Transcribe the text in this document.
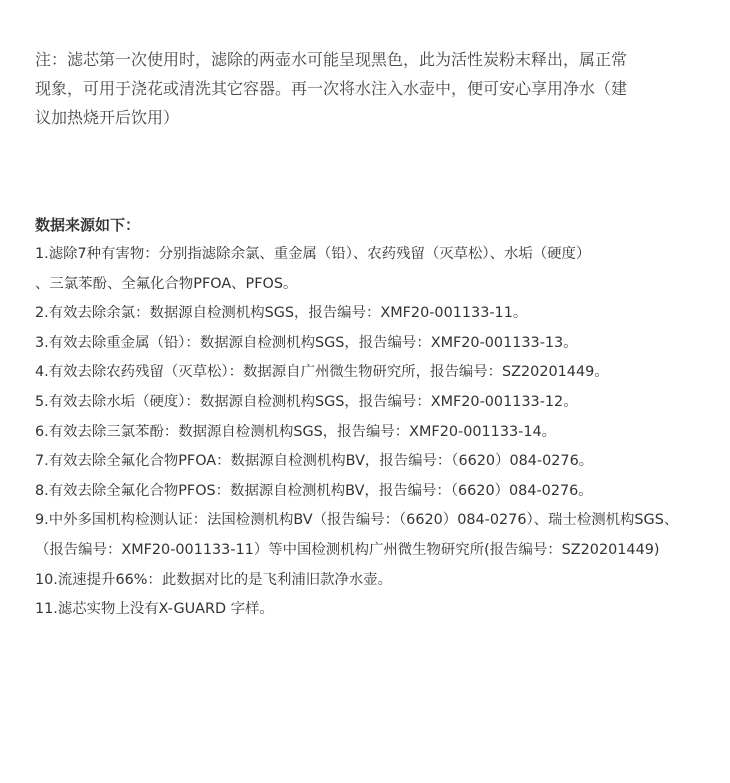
注：滤芯第一次使用时，滤除的两壶水可能呈现黑色，此为活性炭粉末释出，属正常
现象，可用于浇花或清洗其它容器。再一次将水注入水壶中，便可安心享用净水（建
议加热烧开后饮用）
数据来源如下：
1.滤除7种有害物：分别指滤除余氯、重金属（铅）、农药残留（灭草松）、水垢（硬度）
、三氯苯酚、全氟化合物PFOA、PFOS。
2.有效去除余氯：数据源自检测机构SGS，报告编号：XMF20-001133-11。
3.有效去除重金属（铅）：数据源自检测机构SGS，报告编号：XMF20-001133-13。
4.有效去除农药残留（灭草松）：数据源自广州微生物研究所，报告编号：SZ20201449。
5.有效去除水垢（硬度）：数据源自检测机构SGS，报告编号：XMF20-001133-12。
6.有效去除三氯苯酚：数据源自检测机构SGS，报告编号：XMF20-001133-14。
7.有效去除全氟化合物PFOA：数据源自检测机构BV，报告编号：（6620）084-0276。
8.有效去除全氟化合物PFOS：数据源自检测机构BV，报告编号：（6620）084-0276。
9.中外多国机构检测认证：法国检测机构BV（报告编号：（6620）084-0276）、瑞士检测机构SGS、
（报告编号：XMF20-001133-11）等中国检测机构广州微生物研究所(报告编号：SZ20201449)
10.流速提升66%：此数据对比的是飞利浦旧款净水壶。
11.滤芯实物上没有X-GUARD 字样。
